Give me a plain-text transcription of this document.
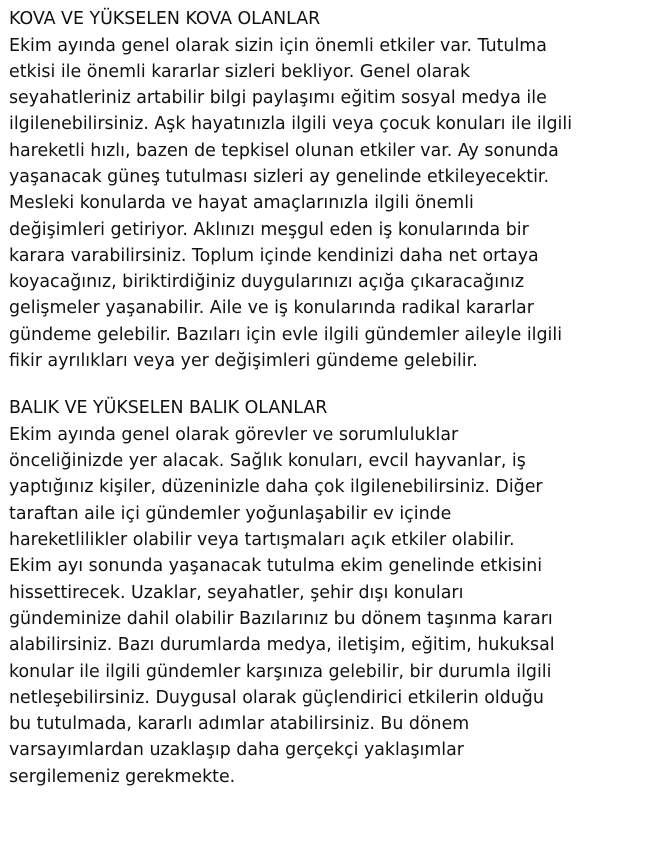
KOVA VE YÜKSELEN KOVA OLANLAR

Ekim ayında genel olarak sizin için önemli etkiler var. Tutulma

etkisi ile önemli kararlar sizleri bekliyor. Genel olarak

seyahatleriniz artabilir bilgi paylaşımı eğitim sosyal medya ile

ilgilenebilirsiniz. Aşk hayatınızla ilgili veya çocuk konuları ile ilgili

hareketli hızlı, bazen de tepkisel olunan etkiler var. Ay sonunda

yaşanacak güneş tutulması sizleri ay genelinde etkileyecektir.

Mesleki konularda ve hayat amaçlarınızla ilgili önemli

değişimleri getiriyor. Aklınızı meşgul eden iş konularında bir

karara varabilirsiniz. Toplum içinde kendinizi daha net ortaya

koyacağınız, biriktirdiğiniz duygularınızı açığa çıkaracağınız

gelişmeler yaşanabilir. Aile ve iş konularında radikal kararlar

gündeme gelebilir. Bazıları için evle ilgili gündemler aileyle ilgili

fikir ayrılıkları veya yer değişimleri gündeme gelebilir.

BALIK VE YÜKSELEN BALIK OLANLAR

Ekim ayında genel olarak görevler ve sorumluluklar

önceliğinizde yer alacak. Sağlık konuları, evcil hayvanlar, iş

yaptığınız kişiler, düzeninizle daha çok ilgilenebilirsiniz. Diğer

taraftan aile içi gündemler yoğunlaşabilir ev içinde

hareketlilikler olabilir veya tartışmaları açık etkiler olabilir.

Ekim ayı sonunda yaşanacak tutulma ekim genelinde etkisini

hissettirecek. Uzaklar, seyahatler, şehir dışı konuları

gündeminize dahil olabilir Bazılarınız bu dönem taşınma kararı

alabilirsiniz. Bazı durumlarda medya, iletişim, eğitim, hukuksal

konular ile ilgili gündemler karşınıza gelebilir, bir durumla ilgili

netleşebilirsiniz. Duygusal olarak güçlendirici etkilerin olduğu

bu tutulmada, kararlı adımlar atabilirsiniz. Bu dönem

varsayımlardan uzaklaşıp daha gerçekçi yaklaşımlar

sergilemeniz gerekmekte.
